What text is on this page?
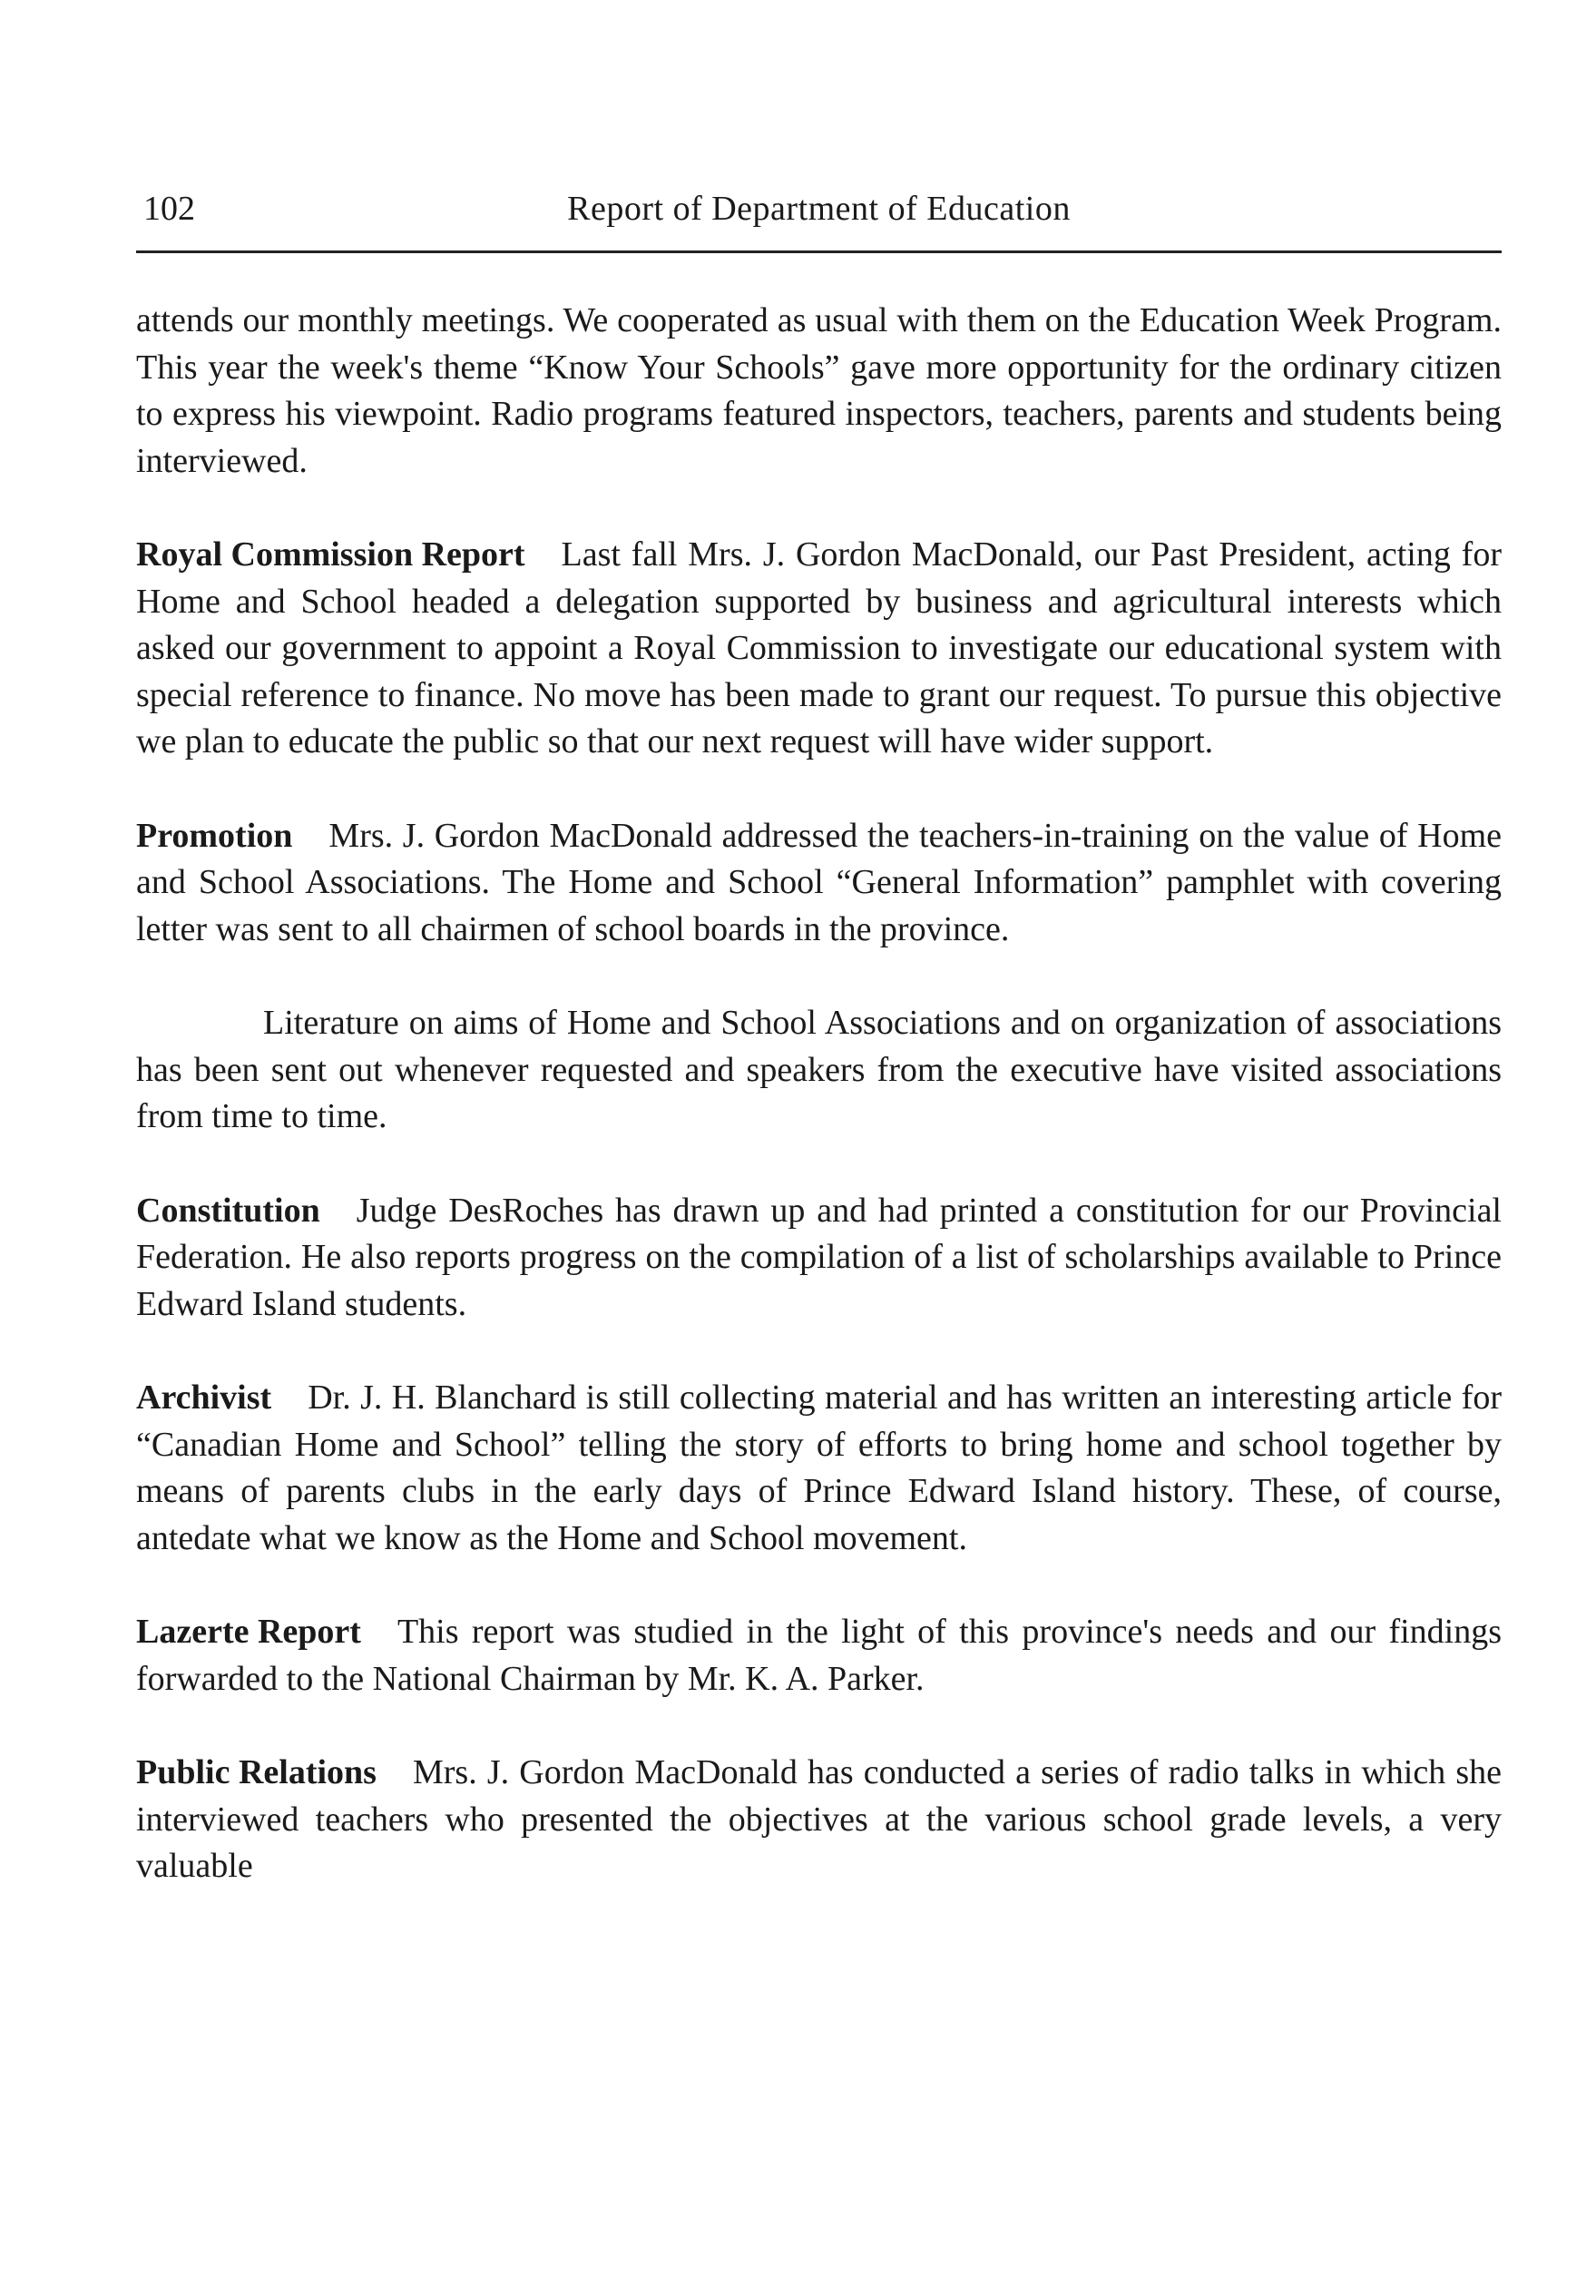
102	Report of Department of Education

attends our monthly meetings. We cooperated as usual with them on the Education Week Program. This year the week's theme “Know Your Schools” gave more opportunity for the ordinary citizen to express his viewpoint. Radio programs featured inspectors, teachers, parents and students being interviewed.

Royal Commission Report Last fall Mrs. J. Gordon MacDonald, our Past President, acting for Home and School headed a delegation supported by business and agricultural interests which asked our government to appoint a Royal Commission to investigate our educational system with special reference to finance. No move has been made to grant our request. To pursue this objective we plan to educate the public so that our next request will have wider support.

Promotion Mrs. J. Gordon MacDonald addressed the teachers-in-training on the value of Home and School Associations. The Home and School “General Information” pamphlet with covering letter was sent to all chairmen of school boards in the province.

Literature on aims of Home and School Associations and on organization of associations has been sent out whenever requested and speakers from the executive have visited associations from time to time.

Constitution Judge DesRoches has drawn up and had printed a constitution for our Provincial Federation. He also reports progress on the compilation of a list of scholarships available to Prince Edward Island students.

Archivist Dr. J. H. Blanchard is still collecting material and has written an interesting article for “Canadian Home and School” telling the story of efforts to bring home and school together by means of parents clubs in the early days of Prince Edward Island history. These, of course, antedate what we know as the Home and School movement.

Lazerte Report This report was studied in the light of this province's needs and our findings forwarded to the National Chairman by Mr. K. A. Parker.

Public Relations Mrs. J. Gordon MacDonald has conducted a series of radio talks in which she interviewed teachers who presented the objectives at the various school grade levels, a very valuable
